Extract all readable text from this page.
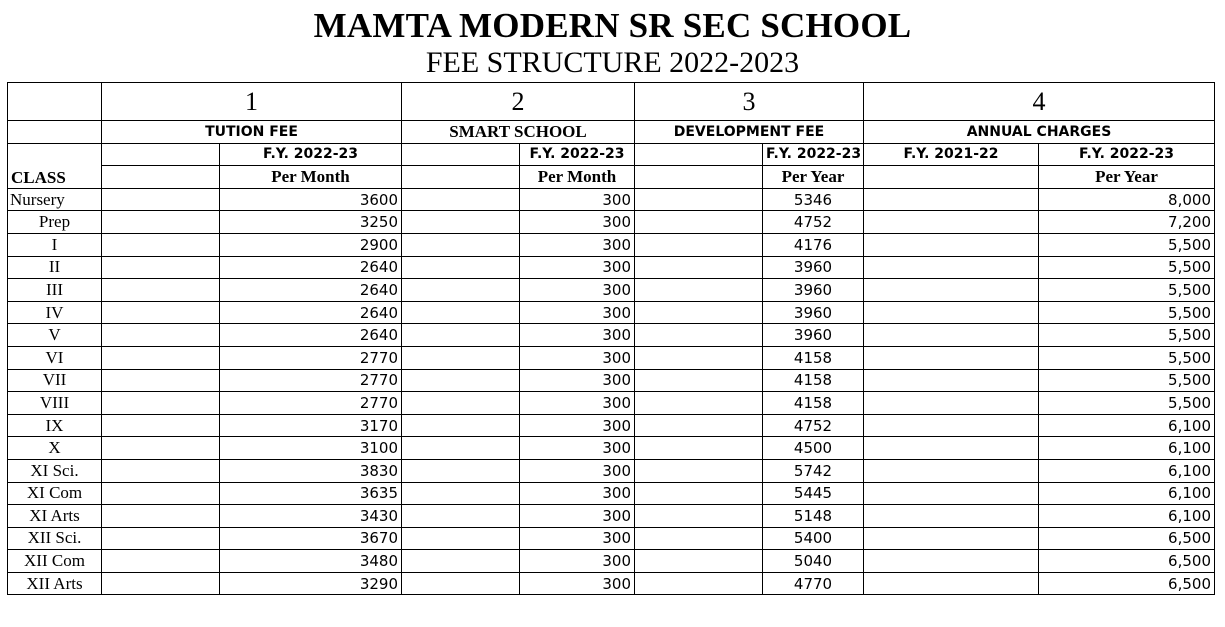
MAMTA MODERN SR SEC SCHOOL
FEE STRUCTURE 2022-2023
	1		2		3		4	
	TUTION FEE		SMART SCHOOL		DEVELOPMENT FEE		ANNUAL CHARGES	
CLASS		F.Y. 2022-23		F.Y. 2022-23		F.Y. 2022-23	F.Y. 2021-22	F.Y. 2022-23
		Per Month		Per Month		Per Year		Per Year
Nursery		3600		300		5346		8,000
Prep		3250		300		4752		7,200
I		2900		300		4176		5,500
II		2640		300		3960		5,500
III		2640		300		3960		5,500
IV		2640		300		3960		5,500
V		2640		300		3960		5,500
VI		2770		300		4158		5,500
VII		2770		300		4158		5,500
VIII		2770		300		4158		5,500
IX		3170		300		4752		6,100
X		3100		300		4500		6,100
XI Sci.		3830		300		5742		6,100
XI Com		3635		300		5445		6,100
XI Arts		3430		300		5148		6,100
XII Sci.		3670		300		5400		6,500
XII Com		3480		300		5040		6,500
XII Arts		3290		300		4770		6,500
